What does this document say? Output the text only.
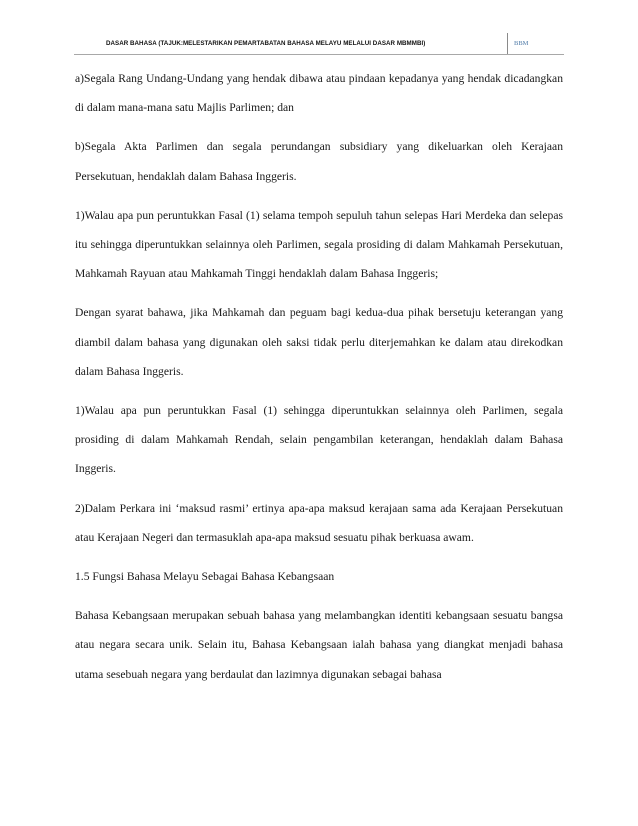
DASAR BAHASA (TAJUK:MELESTARIKAN PEMARTABATAN BAHASA MELAYU MELALUI DASAR MBMMBI)	BBM

a)Segala Rang Undang-Undang yang hendak dibawa atau pindaan kepadanya yang hendak dicadangkan di dalam mana-mana satu Majlis Parlimen; dan

b)Segala Akta Parlimen dan segala perundangan subsidiary yang dikeluarkan oleh Kerajaan Persekutuan, hendaklah dalam Bahasa Inggeris.

1)Walau apa pun peruntukkan Fasal (1) selama tempoh sepuluh tahun selepas Hari Merdeka dan selepas itu sehingga diperuntukkan selainnya oleh Parlimen, segala prosiding di dalam Mahkamah Persekutuan, Mahkamah Rayuan atau Mahkamah Tinggi hendaklah dalam Bahasa Inggeris;

Dengan syarat bahawa, jika Mahkamah dan peguam bagi kedua-dua pihak bersetuju keterangan yang diambil dalam bahasa yang digunakan oleh saksi tidak perlu diterjemahkan ke dalam atau direkodkan dalam Bahasa Inggeris.

1)Walau apa pun peruntukkan Fasal (1) sehingga diperuntukkan selainnya oleh Parlimen, segala prosiding di dalam Mahkamah Rendah, selain pengambilan keterangan, hendaklah dalam Bahasa Inggeris.

2)Dalam Perkara ini ‘maksud rasmi’ ertinya apa-apa maksud kerajaan sama ada Kerajaan Persekutuan atau Kerajaan Negeri dan termasuklah apa-apa maksud sesuatu pihak berkuasa awam.

1.5 Fungsi Bahasa Melayu Sebagai Bahasa Kebangsaan

Bahasa Kebangsaan merupakan sebuah bahasa yang melambangkan identiti kebangsaan sesuatu bangsa atau negara secara unik. Selain itu, Bahasa Kebangsaan ialah bahasa yang diangkat menjadi bahasa utama sesebuah negara yang berdaulat dan lazimnya digunakan sebagai bahasa
